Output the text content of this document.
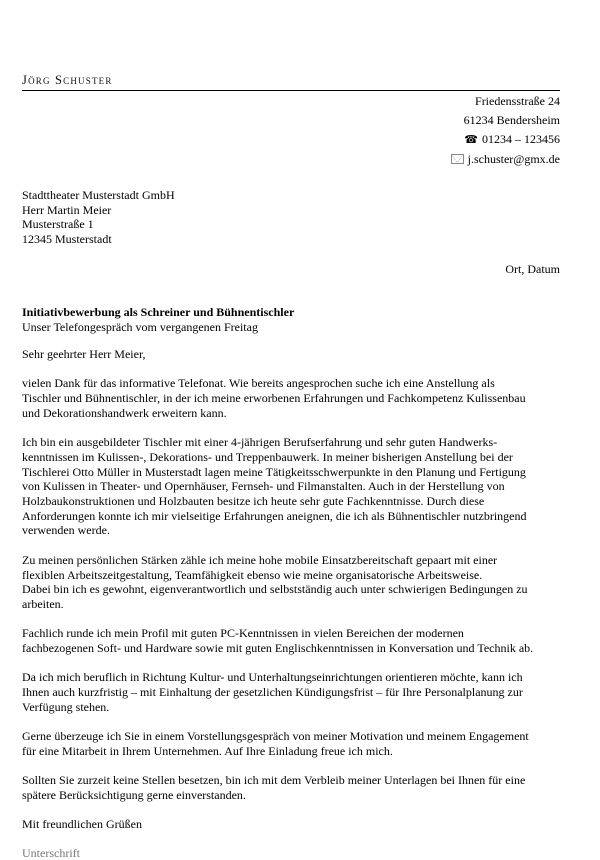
Jörg Schuster
Friedensstraße 24
61234 Bendersheim
☎ 01234 – 123456
j.schuster@gmx.de
Stadttheater Musterstadt GmbH
Herr Martin Meier
Musterstraße 1
12345 Musterstadt
Ort, Datum
Initiativbewerbung als Schreiner und Bühnentischler
Unser Telefongespräch vom vergangenen Freitag

Sehr geehrter Herr Meier,

vielen Dank für das informative Telefonat. Wie bereits angesprochen suche ich eine Anstellung als
Tischler und Bühnentischler, in der ich meine erworbenen Erfahrungen und Fachkompetenz Kulissenbau
und Dekorationshandwerk erweitern kann.

Ich bin ein ausgebildeter Tischler mit einer 4-jährigen Berufserfahrung und sehr guten Handwerks-
kenntnissen im Kulissen-, Dekorations- und Treppenbauwerk. In meiner bisherigen Anstellung bei der
Tischlerei Otto Müller in Musterstadt lagen meine Tätigkeitsschwerpunkte in den Planung und Fertigung
von Kulissen in Theater- und Opernhäuser, Fernseh- und Filmanstalten. Auch in der Herstellung von
Holzbaukonstruktionen und Holzbauten besitze ich heute sehr gute Fachkenntnisse. Durch diese
Anforderungen konnte ich mir vielseitige Erfahrungen aneignen, die ich als Bühnentischler nutzbringend
verwenden werde.

Zu meinen persönlichen Stärken zähle ich meine hohe mobile Einsatzbereitschaft gepaart mit einer
flexiblen Arbeitszeitgestaltung, Teamfähigkeit ebenso wie meine organisatorische Arbeitsweise.
Dabei bin ich es gewohnt, eigenverantwortlich und selbstständig auch unter schwierigen Bedingungen zu
arbeiten.

Fachlich runde ich mein Profil mit guten PC-Kenntnissen in vielen Bereichen der modernen
fachbezogenen Soft- und Hardware sowie mit guten Englischkenntnissen in Konversation und Technik ab.

Da ich mich beruflich in Richtung Kultur- und Unterhaltungseinrichtungen orientieren möchte, kann ich
Ihnen auch kurzfristig – mit Einhaltung der gesetzlichen Kündigungsfrist – für Ihre Personalplanung zur
Verfügung stehen.

Gerne überzeuge ich Sie in einem Vorstellungsgespräch von meiner Motivation und meinem Engagement
für eine Mitarbeit in Ihrem Unternehmen. Auf Ihre Einladung freue ich mich.

Sollten Sie zurzeit keine Stellen besetzen, bin ich mit dem Verbleib meiner Unterlagen bei Ihnen für eine
spätere Berücksichtigung gerne einverstanden.

Mit freundlichen Grüßen

Unterschrift
